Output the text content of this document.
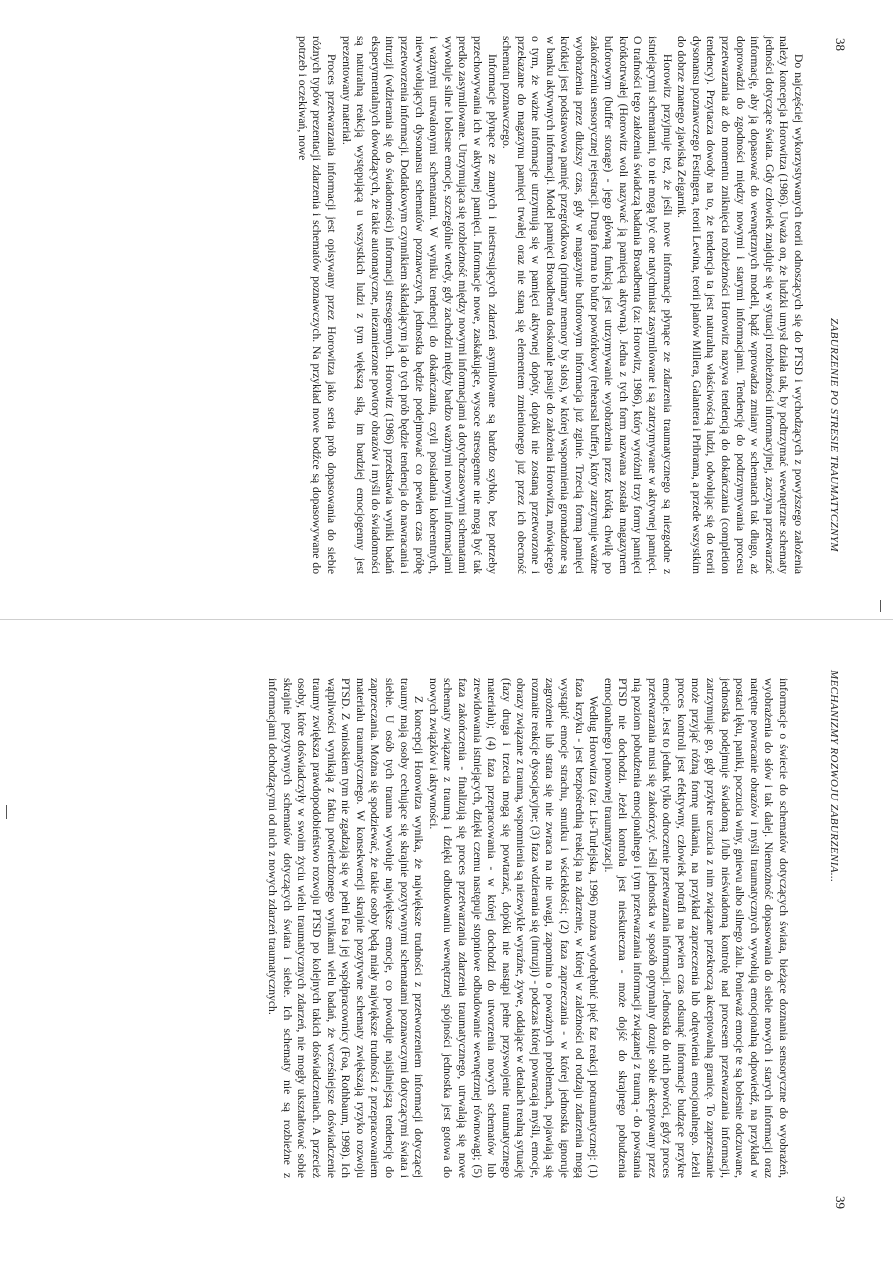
38
ZABURZENIE PO STRESIE TRAUMATYCZNYM

Do najczęściej wykorzystywanych teorii odnoszących się do PTSD i wychodzących z powyższego założenia należy koncepcja Horowitza (1986). Uważa on, że ludzki umysł działa tak, by podtrzymać wewnętrzne schematy jedności dotyczące świata. Gdy człowiek znajduje się w sytuacji rozbieżności informacyjnej, zaczyna przetwarzać informację, aby ją dopasować do wewnętrznych modeli, bądź wprowadza zmiany w schematach tak długo, aż doprowadzi do zgodności między nowymi i starymi informacjami. Tendencję do podtrzymywania procesu przetwarzania aż do momentu zniknięcia rozbieżności Horowitz nazywa tendencją do dokańczania (completion tendency). Przytacza dowody na to, że tendencja ta jest naturalną właściwością ludzi, odwołując się do teorii dysonansu poznawczego Festingera, teorii Lewina, teorii planów Millera, Galantera i Pribrama, a przede wszystkim do dobrze znanego zjawiska Zeigarnik.

Horowitz przyjmuje też, że jeśli nowe informacje płynące ze zdarzenia traumatycznego są niezgodne z istniejącymi schematami, to nie mogą być one natychmiast zasymilowane i są zatrzymywane w aktywnej pamięci. O trafności tego założenia świadczą badania Broadbenta (za: Horowitz, 1986), który wyróżnił trzy formy pamięci krótkotrwałej (Horowitz woli nazywać ją pamięcią aktywną). Jedna z tych form nazwana została magazynem buforowym (buffer storage) - jego główną funkcją jest utrzymywanie wyobrażenia przez krótką chwilę po zakończeniu sensorycznej rejestracji. Druga forma to bufor powtórkowy (rehearsal buffer), który zatrzymuje ważne wyobrażenia przez dłuższy czas, gdy w magazynie buforowym informacja już zginie. Trzecią formą pamięci krótkiej jest podstawowa pamięć przegródkowa (primary memory by slots), w której wspomnienia gromadzone są w banku aktywnych informacji. Model pamięci Broadbenta doskonale pasuje do założenia Horowitza, mówiącego o tym, że ważne informacje utrzymują się w pamięci aktywnej dopóty, dopóki nie zostaną przetworzone i przekazane do magazynu pamięci trwałej oraz nie staną się elementem zmienionego już przez ich obecność schematu poznawczego.

Informacje płynące ze znanych i niestresujących zdarzeń asymilowane są bardzo szybko, bez potrzeby przechowywania ich w aktywnej pamięci. Informacje nowe, zaskakujące, wysoce stresogenne nie mogą być tak predko zasymilowane. Utrzymująca się rozbieżność między nowymi informacjami a dotychczasowymi schematami wywołuje silne i bolesne emocje, szczególnie wtedy, gdy zachodzi między bardzo ważnymi nowymi informacjami i ważnymi utrwalonymi schematami. W wyniku tendencji do dokańczania, czyli posiadania koherentnych, niewywołujących dysonansu schematów poznawczych, jednostka będzie podejmować co pewien czas próbę przetworzenia informacji. Dodatkowym czynnikiem składającym ją do tych prób będzie tendencja do nawracania i intruzji (wdzierania się do świadomości) informacji stresogennych. Horowitz (1986) przedstawia wyniki badań eksperymentalnych dowodzących, że takie automatyczne, niezamierzone powtory obrazów i myśli do świadomości są naturalną reakcją występującą u wszystkich ludzi z tym większą siłą, im bardziej emocjogenny jest prezentowany materiał.

Proces przetwarzania informacji jest opisywany przez Horowitza jako seria prób dopasowania do siebie różnych typów prezentacji zdarzenia i schematów poznawczych. Na przykład nowe bodźce są dopasowywane do potrzeb i oczekiwań, nowe

39
MECHANIZMY ROZWOJU ZABURZENIA...

informacje o świecie do schematów dotyczących świata, bieżące doznania sensoryczne do wyobrażeń, wyobrażenia do słów i tak dalej. Niemożność dopasowania do siebie nowych i starych informacji oraz natrętne powracanie obrazów i myśli traumatycznych wywołują emocjonalną odpowiedź, na przykład w postaci lęku, paniki, poczucia winy, gniewu albo silnego żalu. Ponieważ emocje te są bolesnie odczuwane, jednostka podejmuje świadomą i/lub nieświadomą kontrolę nad procesem przetwarzania informacji, zatrzymując go, gdy przykre uczucia z nim związane przekroczą akceptowalną granicę. To zaprzestanie może przyjąć różną formę unikania, na przykład zaprzeczenia lub odrętwienia emocjonalnego. Jeżeli proces kontroli jest efektywny, człowiek potrafi na pewien czas odsunąć informacje budzące przykre emocje. Jest to jednak tylko odroczenie przetwarzania informacji. Jednostka do nich powróci, gdyż proces przetwarzania musi się zakończyć. Jeśli jednostka w sposób optymalny dozuje sobie akceptowany przez nią poziom pobudzenia emocjonalnego i tym przetwarzania informacji związanej z traumą - do powstania PTSD nie dochodzi. Jeżeli kontrola jest nieskuteczna - może dojść do skrajnego pobudzenia emocjonalnego i ponownej traumatyzacji.

Według Horowitza (za: Lis-Turlejska, 1996) można wyodrębnić pięć faz reakcji potraumatycznej: (1) faza krzyku - jest bezpośrednią reakcją na zdarzenie, w której w zależności od rodzaju zdarzenia mogą wystąpić emocje strachu, smutku i wściekłości; (2) faza zaprzeczania - w której jednostka ignoruje zagrożenie lub strata się nie zwraca na nie uwagi, zapomina o poważnych problemach, pojawiają się rozmaite reakcje dysocjacyjne; (3) faza wdzierania się (intruzji) - podczas której powracają myśli, emocje, obrazy związane z traumą, wspomnienia są niezwykle wyraźne, żywe, oddające w detalach realną sytuację (fazy druga i trzecia mogą się powtarzać, dopóki nie nastąpi pełne przyswojenie traumatycznego materiału); (4) faza przepracowania - w której dochodzi do utworzenia nowych schematów lub zrewidowania istniejących, dzięki czemu następuje stopniowe odbudowanie wewnętrznej równowagi; (5) faza zakończenia - finalizują się proces przetwarzania zdarzenia traumatycznego, utrwalają się nowe schematy związane z traumą i dzięki odbudowaniu wewnętrznej spójności jednostka jest gotowa do nowych związków i aktywności.

Z koncepcji Horowitza wynika, że największe trudności z przetworzeniem informacji dotyczącej traumy mają osoby cechujące się skrajnie pozytywnymi schematami poznawczymi dotyczącymi świata i siebie. U osób tych trauma wywołuje największe emocje, co powoduje najsilniejszą tendencję do zaprzeczania. Można się spodziewać, że takie osoby będą miały największe trudności z przepracowaniem materiału traumatycznego. W konsekwencji skrajnie pozytywne schematy zwiększają ryzyko rozwoju PTSD. Z wnioskiem tym nie zgadzają się w pełni Foa i jej współpracownicy (Foa, Rothbaum, 1998). Ich wątpliwości wynikają z faktu potwierdzonego wynikami wielu badań, że wcześniejsze doświadczenie traumy zwiększa prawdopodobieństwo rozwoju PTSD po kolejnych takich doświadczeniach. A przecież osoby, które doświadczyły w swoim życiu wielu traumatycznych zdarzeń, nie mogły ukształtować sobie skrajnie pozytywnych schematów dotyczących świata i siebie. Ich schematy nie są rozbieżne z informacjami dochodzącymi od nich z nowych zdarzeń traumatycznych.
